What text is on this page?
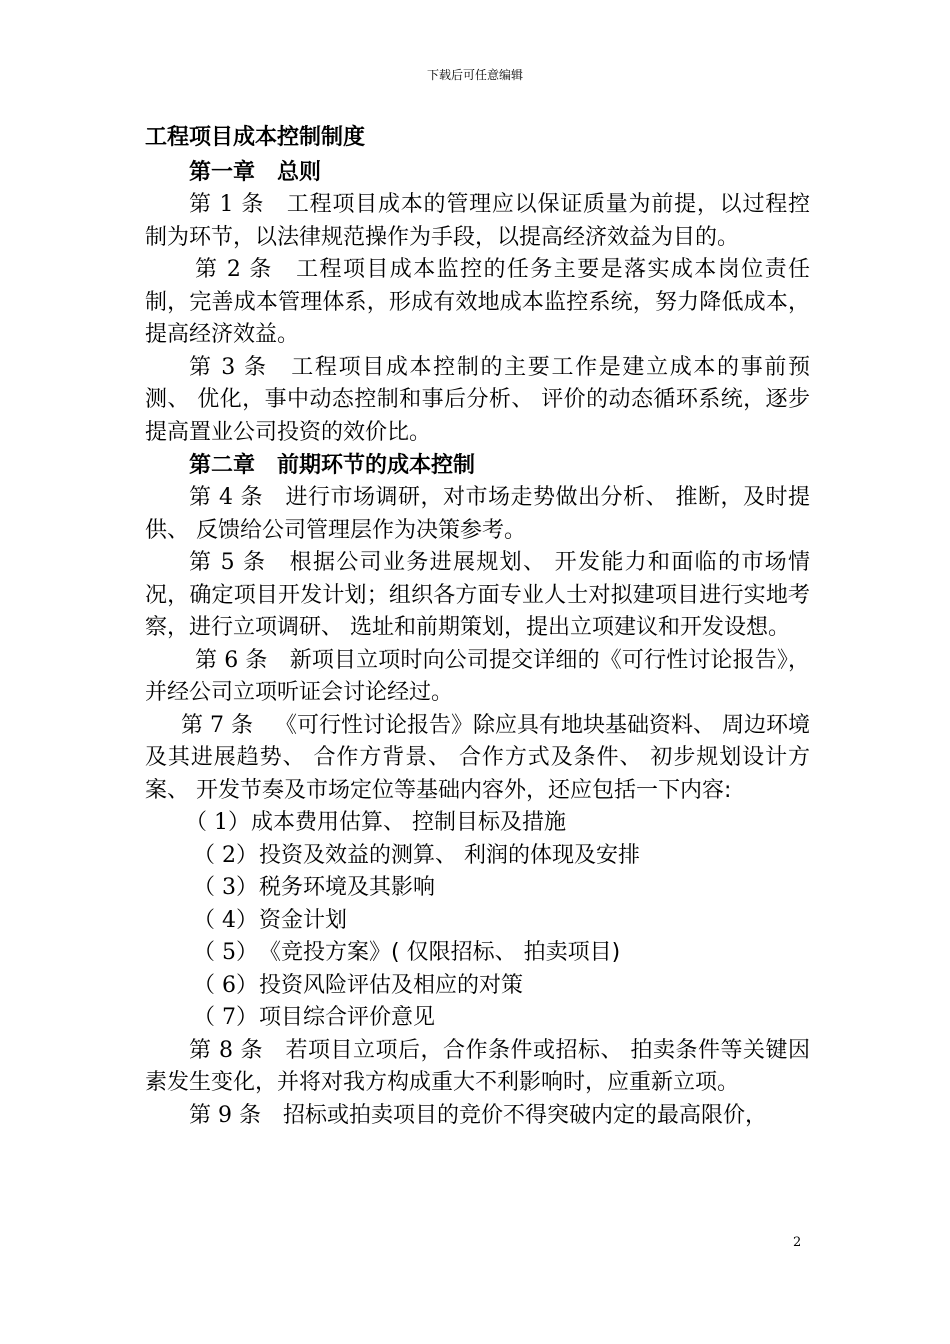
下载后可任意编辑

工程项目成本控制制度

第一章　总则

第 1 条 工程项目成本的管理应以保证质量为前提，以过程控制为环节，以法律规范操作为手段，以提高经济效益为目的。

第 2 条 工程项目成本监控的任务主要是落实成本岗位责任制，完善成本管理体系，形成有效地成本监控系统，努力降低成本，提高经济效益。

第 3 条 工程项目成本控制的主要工作是建立成本的事前预测、 优化，事中动态控制和事后分析、 评价的动态循环系统，逐步提高置业公司投资的效价比。

第二章　前期环节的成本控制

第 4 条 进行市场调研，对市场走势做出分析、 推断，及时提供、 反馈给公司管理层作为决策参考。

第 5 条 根据公司业务进展规划、 开发能力和面临的市场情况，确定项目开发计划；组织各方面专业人士对拟建项目进行实地考察，进行立项调研、 选址和前期策划，提出立项建议和开发设想。

第 6 条 新项目立项时向公司提交详细的《可行性讨论报告》，并经公司立项听证会讨论经过。

第 7 条 《可行性讨论报告》除应具有地块基础资料、 周边环境及其进展趋势、 合作方背景、 合作方式及条件、 初步规划设计方案、 开发节奏及市场定位等基础内容外，还应包括一下内容:

（ 1）成本费用估算、 控制目标及措施

（ 2）投资及效益的测算、 利润的体现及安排

（ 3）税务环境及其影响

（ 4）资金计划

（ 5）《竞投方案》( 仅限招标、 拍卖项目)

（ 6）投资风险评估及相应的对策

（ 7）项目综合评价意见

第 8 条 若项目立项后，合作条件或招标、 拍卖条件等关键因素发生变化，并将对我方构成重大不利影响时，应重新立项。

第 9 条 招标或拍卖项目的竞价不得突破内定的最高限价，

2
